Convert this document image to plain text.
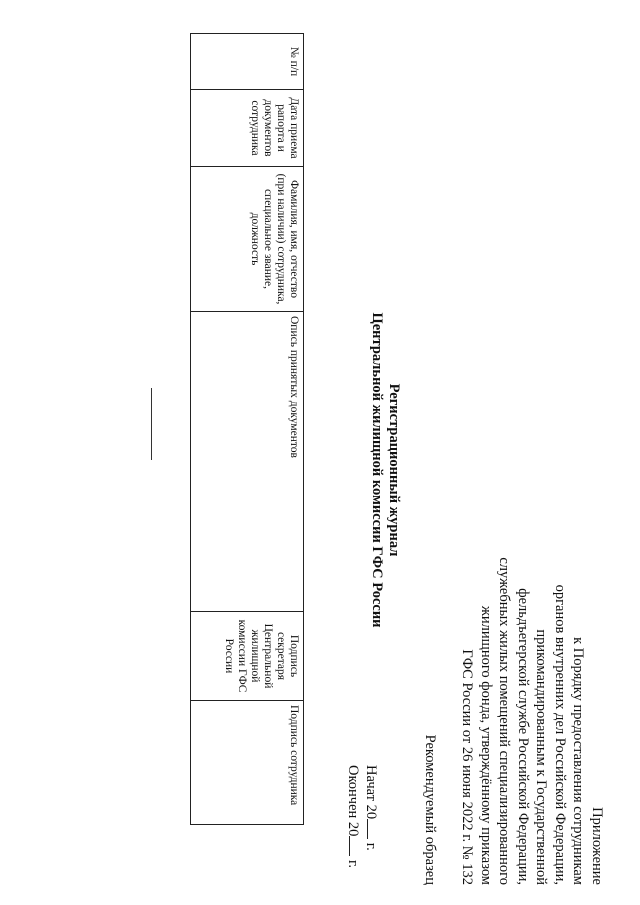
Приложение
к Порядку предоставления сотрудникам
органов внутренних дел Российской Федерации,
прикомандированным к Государственной
фельдъегерской службе Российской Федерации,
служебных жилых помещений специализированного
жилищного фонда, утверждённому приказом
ГФС России от 26 июня 2022 г. № 132
Рекомендуемый образец
Регистрационный журнал
Центральной жилищной комиссии ГФС России
Начат 20 г.
Окончен 20 г.
№ п/п	Дата приема рапорта и документов сотрудника	Фамилия, имя, отчество (при наличии) сотрудника, специальное звание, должность	Опись принятых документов	Подпись секретаря Центральной жилищной комиссии ГФС России	Подпись сотрудника
